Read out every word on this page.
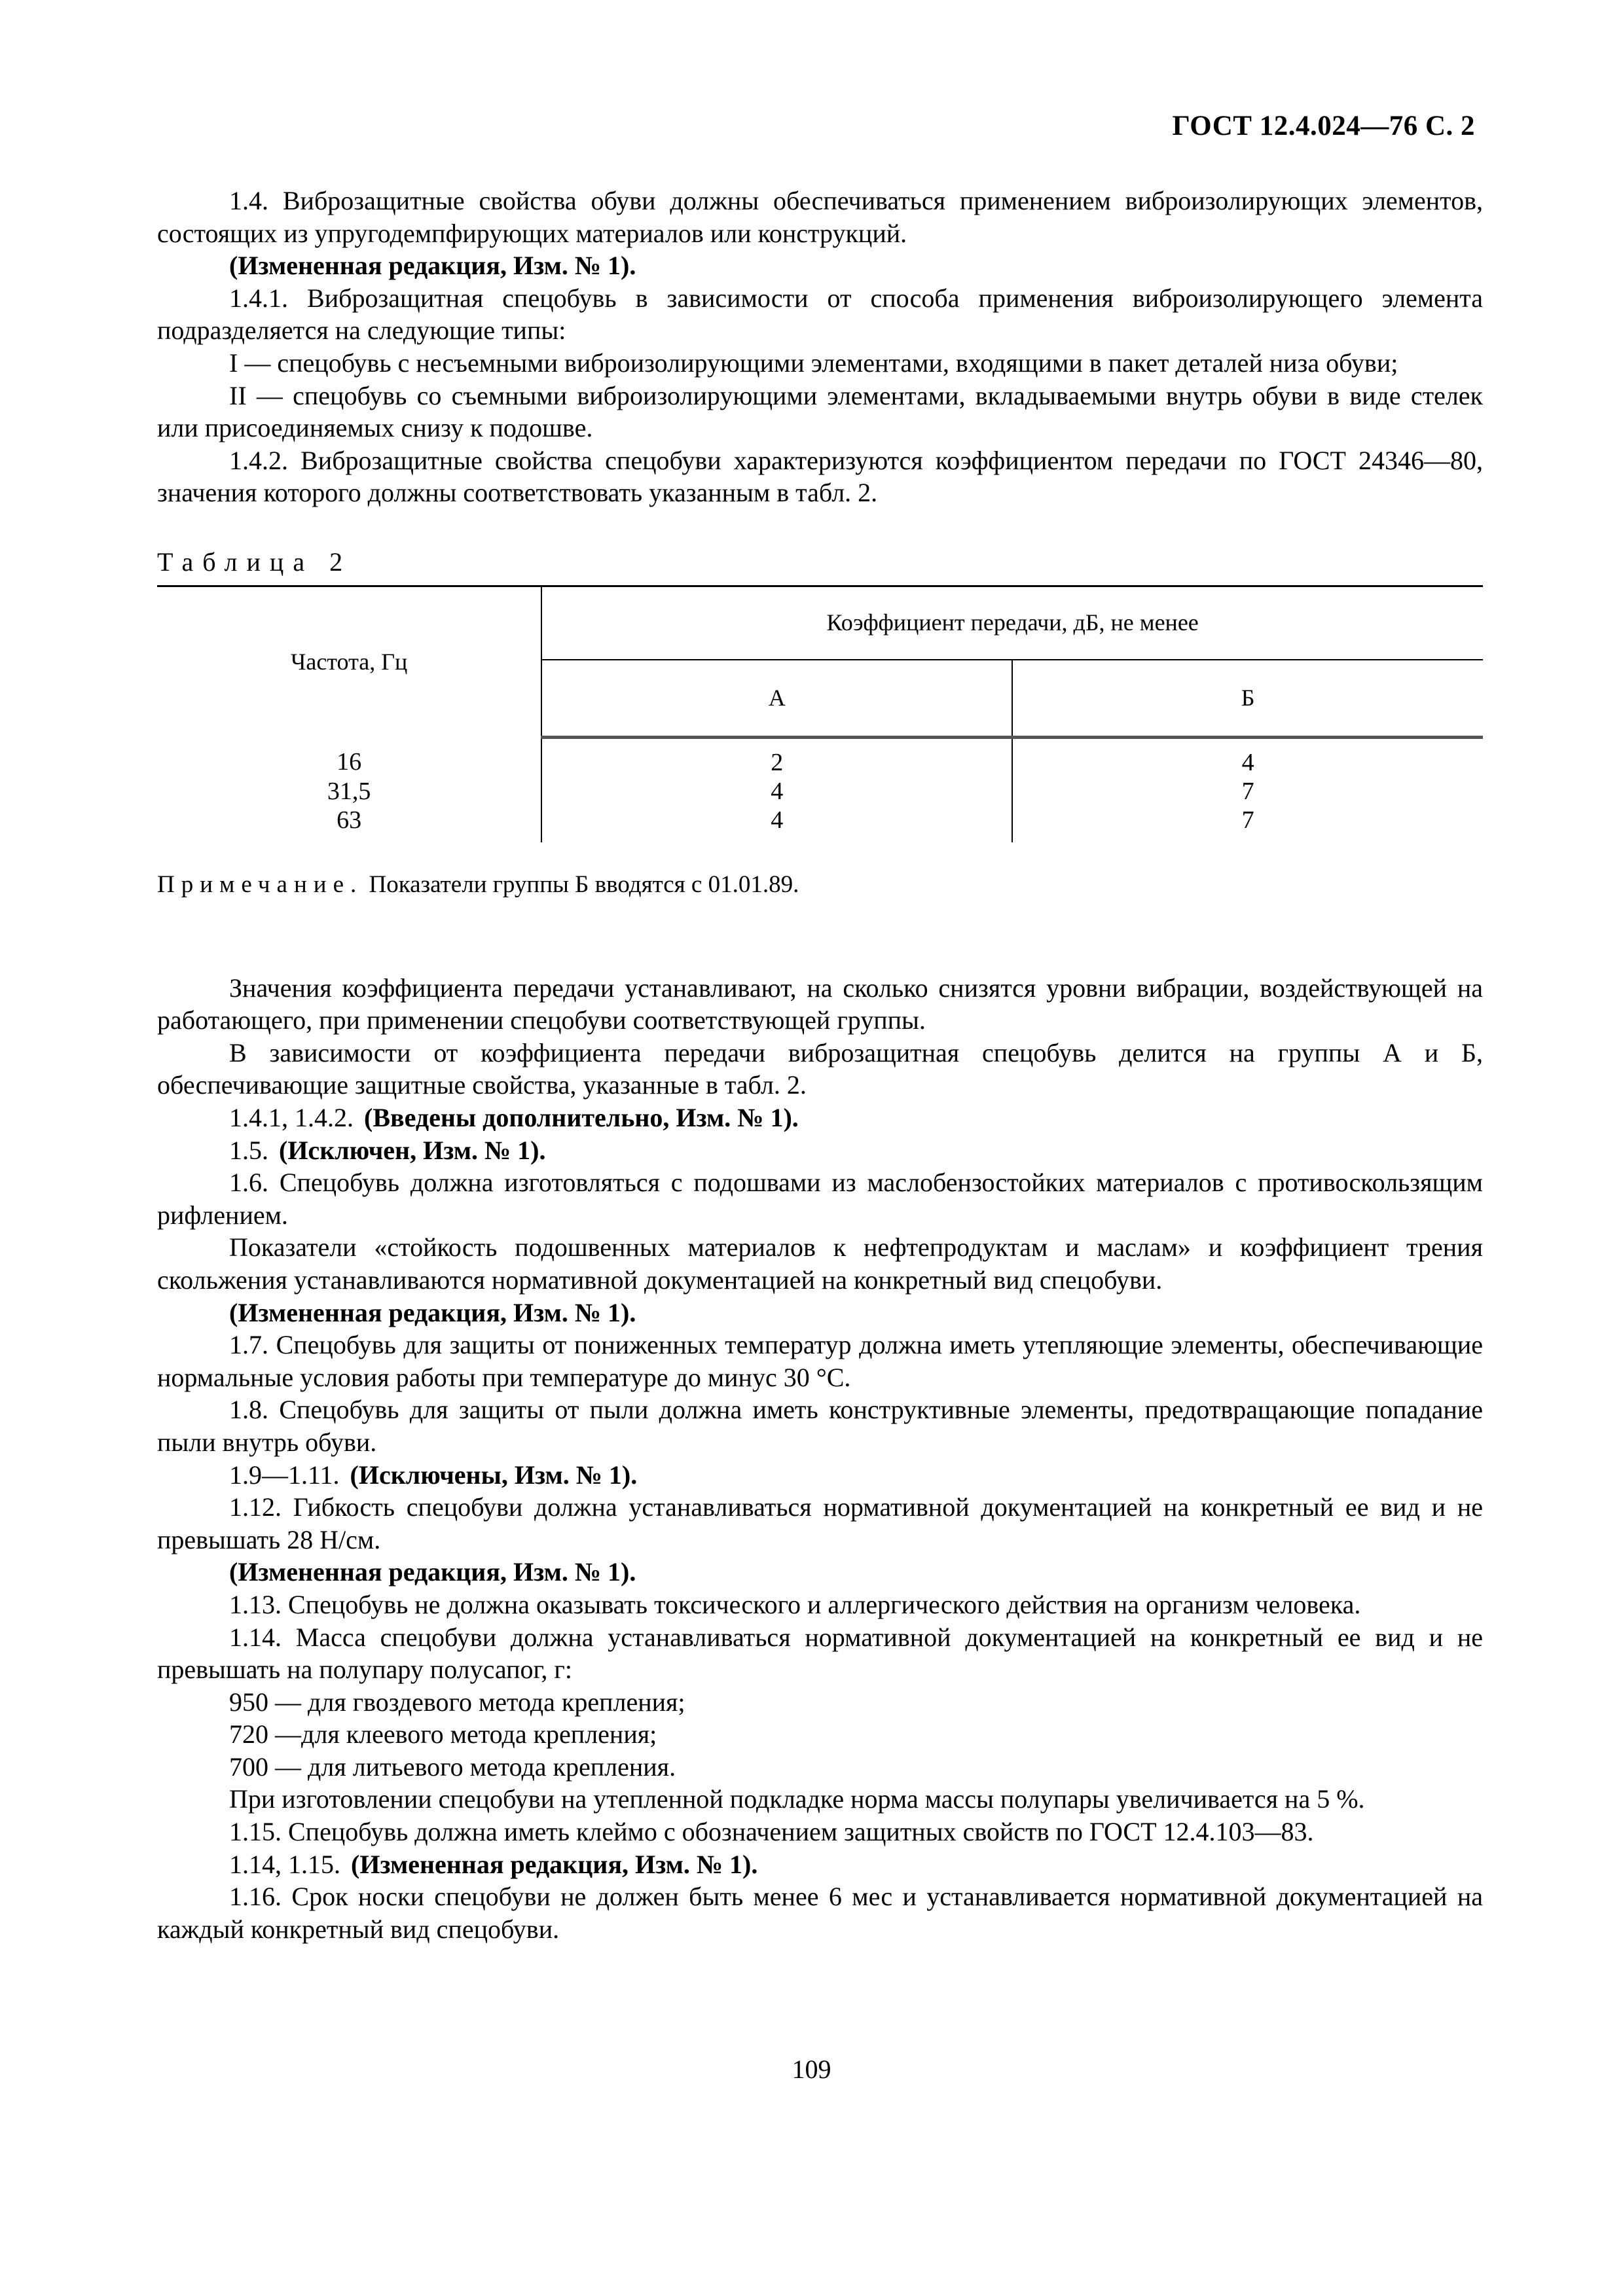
ГОСТ 12.4.024—76 С. 2

1.4. Виброзащитные свойства обуви должны обеспечиваться применением виброизолирующих элементов, состоящих из упругодемпфирующих материалов или конструкций.

(Измененная редакция, Изм. № 1).

1.4.1. Виброзащитная спецобувь в зависимости от способа применения виброизолирующего элемента подразделяется на следующие типы:

I — спецобувь с несъемными виброизолирующими элементами, входящими в пакет деталей низа обуви;

II — спецобувь со съемными виброизолирующими элементами, вкладываемыми внутрь обуви в виде стелек или присоединяемых снизу к подошве.

1.4.2. Виброзащитные свойства спецобуви характеризуются коэффициентом передачи по ГОСТ 24346—80, значения которого должны соответствовать указанным в табл. 2.

Таблица 2

Частота, Гц	Коэффициент передачи, дБ, не менее	
	А	Б
16	2	4
31,5	4	7
63	4	7

Примечание. Показатели группы Б вводятся с 01.01.89.

Значения коэффициента передачи устанавливают, на сколько снизятся уровни вибрации, воздействующей на работающего, при применении спецобуви соответствующей группы.

В зависимости от коэффициента передачи виброзащитная спецобувь делится на группы А и Б, обеспечивающие защитные свойства, указанные в табл. 2.

1.4.1, 1.4.2. (Введены дополнительно, Изм. № 1).

1.5. (Исключен, Изм. № 1).

1.6. Спецобувь должна изготовляться с подошвами из маслобензостойких материалов с противоскользящим рифлением.

Показатели «стойкость подошвенных материалов к нефтепродуктам и маслам» и коэффициент трения скольжения устанавливаются нормативной документацией на конкретный вид спецобуви.

(Измененная редакция, Изм. № 1).

1.7. Спецобувь для защиты от пониженных температур должна иметь утепляющие элементы, обеспечивающие нормальные условия работы при температуре до минус 30 °С.

1.8. Спецобувь для защиты от пыли должна иметь конструктивные элементы, предотвращающие попадание пыли внутрь обуви.

1.9—1.11. (Исключены, Изм. № 1).

1.12. Гибкость спецобуви должна устанавливаться нормативной документацией на конкретный ее вид и не превышать 28 Н/см.

(Измененная редакция, Изм. № 1).

1.13. Спецобувь не должна оказывать токсического и аллергического действия на организм человека.

1.14. Масса спецобуви должна устанавливаться нормативной документацией на конкретный ее вид и не превышать на полупару полусапог, г:

950 — для гвоздевого метода крепления;

720 —для клеевого метода крепления;

700 — для литьевого метода крепления.

При изготовлении спецобуви на утепленной подкладке норма массы полупары увеличивается на 5 %.

1.15. Спецобувь должна иметь клеймо с обозначением защитных свойств по ГОСТ 12.4.103—83.

1.14, 1.15. (Измененная редакция, Изм. № 1).

1.16. Срок носки спецобуви не должен быть менее 6 мес и устанавливается нормативной документацией на каждый конкретный вид спецобуви.

109
